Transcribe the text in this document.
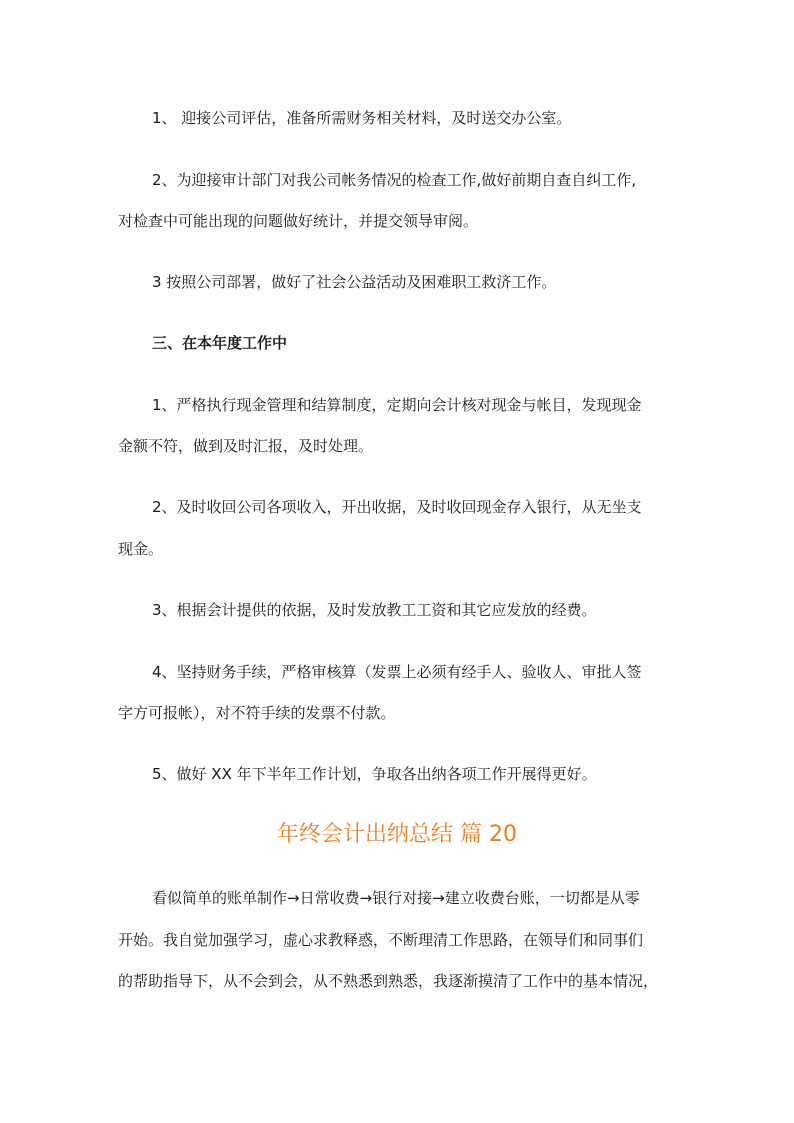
1、 迎接公司评估，准备所需财务相关材料，及时送交办公室。
2、为迎接审计部门对我公司帐务情况的检查工作,做好前期自查自纠工作,
对检查中可能出现的问题做好统计，并提交领导审阅。
3 按照公司部署，做好了社会公益活动及困难职工救济工作。
三、在本年度工作中
1、严格执行现金管理和结算制度，定期向会计核对现金与帐目，发现现金
金额不符，做到及时汇报，及时处理。
2、及时收回公司各项收入，开出收据，及时收回现金存入银行，从无坐支
现金。
3、根据会计提供的依据，及时发放教工工资和其它应发放的经费。
4、坚持财务手续，严格审核算（发票上必须有经手人、验收人、审批人签
字方可报帐），对不符手续的发票不付款。
5、做好 XX 年下半年工作计划，争取各出纳各项工作开展得更好。
年终会计出纳总结 篇 20
看似简单的账单制作→日常收费→银行对接→建立收费台账，一切都是从零
开始。我自觉加强学习，虚心求教释惑，不断理清工作思路，在领导们和同事们
的帮助指导下，从不会到会，从不熟悉到熟悉，我逐渐摸清了工作中的基本情况，
